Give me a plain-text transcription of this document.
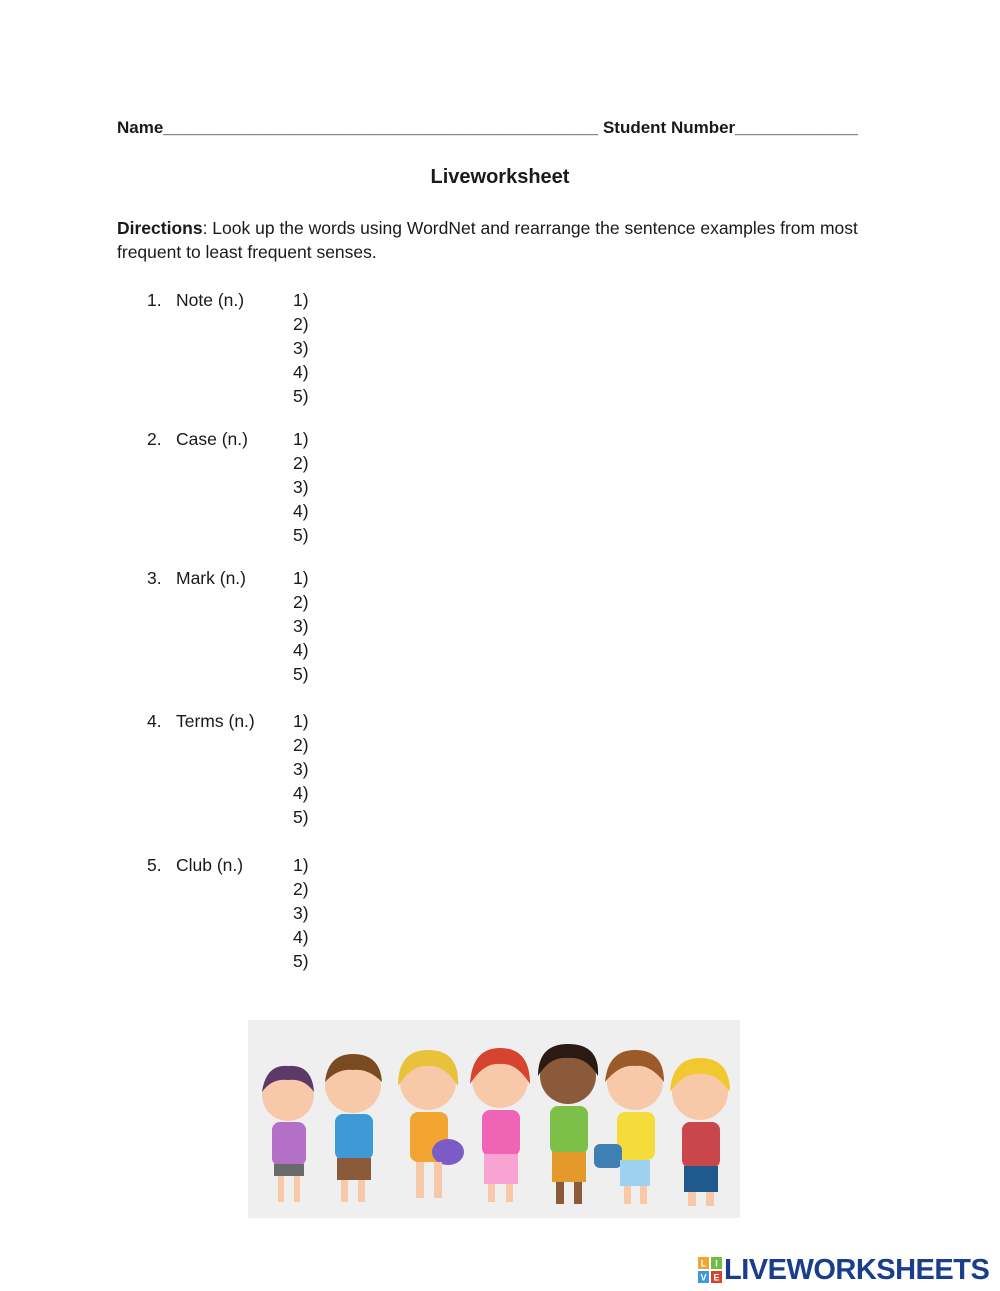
Name______________________________________________ Student Number_____________
Liveworksheet
Directions: Look up the words using WordNet and rearrange the sentence examples from most frequent to least frequent senses.
1. Note (n.)	1)
2)
3)
4)
5)
2. Case (n.)	1)
2)
3)
4)
5)
3. Mark (n.)	1)
2)
3)
4)
5)
4. Terms (n.) 1)
2)
3)
4)
5)
5. Club (n.)	1)
2)
3)
4)
5)
L I
V E LIVEWORKSHEETS
